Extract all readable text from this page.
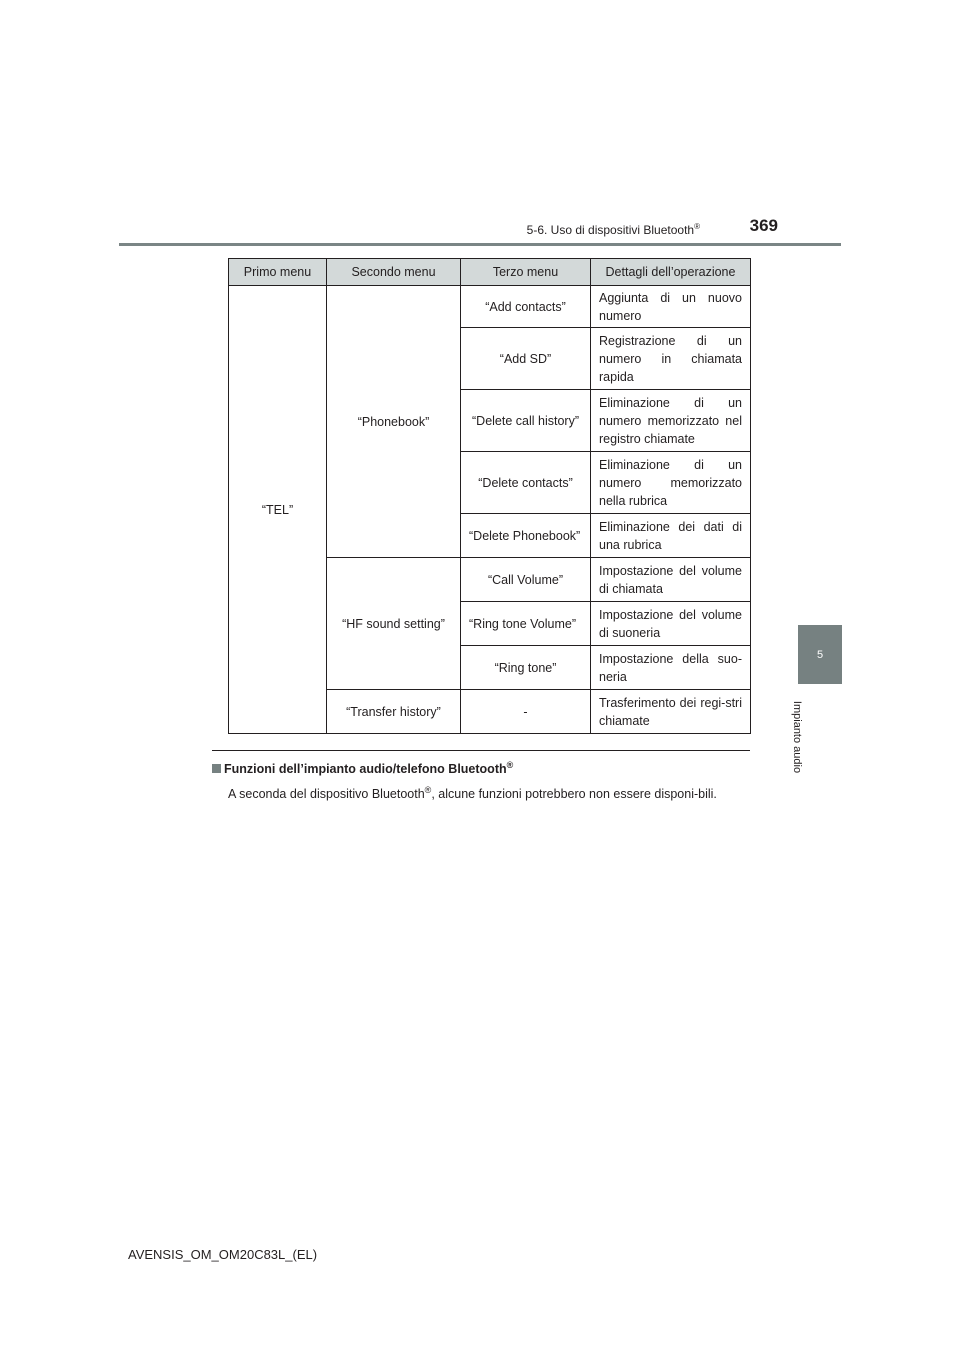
5-6. Uso di dispositivi Bluetooth®	369
5
Impianto audio
Primo menu	Secondo menu	Terzo menu	Dettagli dell’operazione
“TEL”	“Phonebook”	“Add contacts”	Aggiunta di un nuovo numero
		“Add SD”	Registrazione di un numero in chiamata rapida
		“Delete call history”	Eliminazione di un numero memorizzato nel registro chiamate
		“Delete contacts”	Eliminazione di un numero memorizzato nella rubrica
		“Delete Phonebook”	Eliminazione dei dati di una rubrica
	“HF sound setting”	“Call Volume”	Impostazione del volume di chiamata
		“Ring tone Volume”	Impostazione del volume di suoneria
		“Ring tone”	Impostazione della suo-neria
	“Transfer history”	-	Trasferimento dei regi-stri chiamate
Funzioni dell’impianto audio/telefono Bluetooth®
A seconda del dispositivo Bluetooth®, alcune funzioni potrebbero non essere disponi-bili.
AVENSIS_OM_OM20C83L_(EL)
